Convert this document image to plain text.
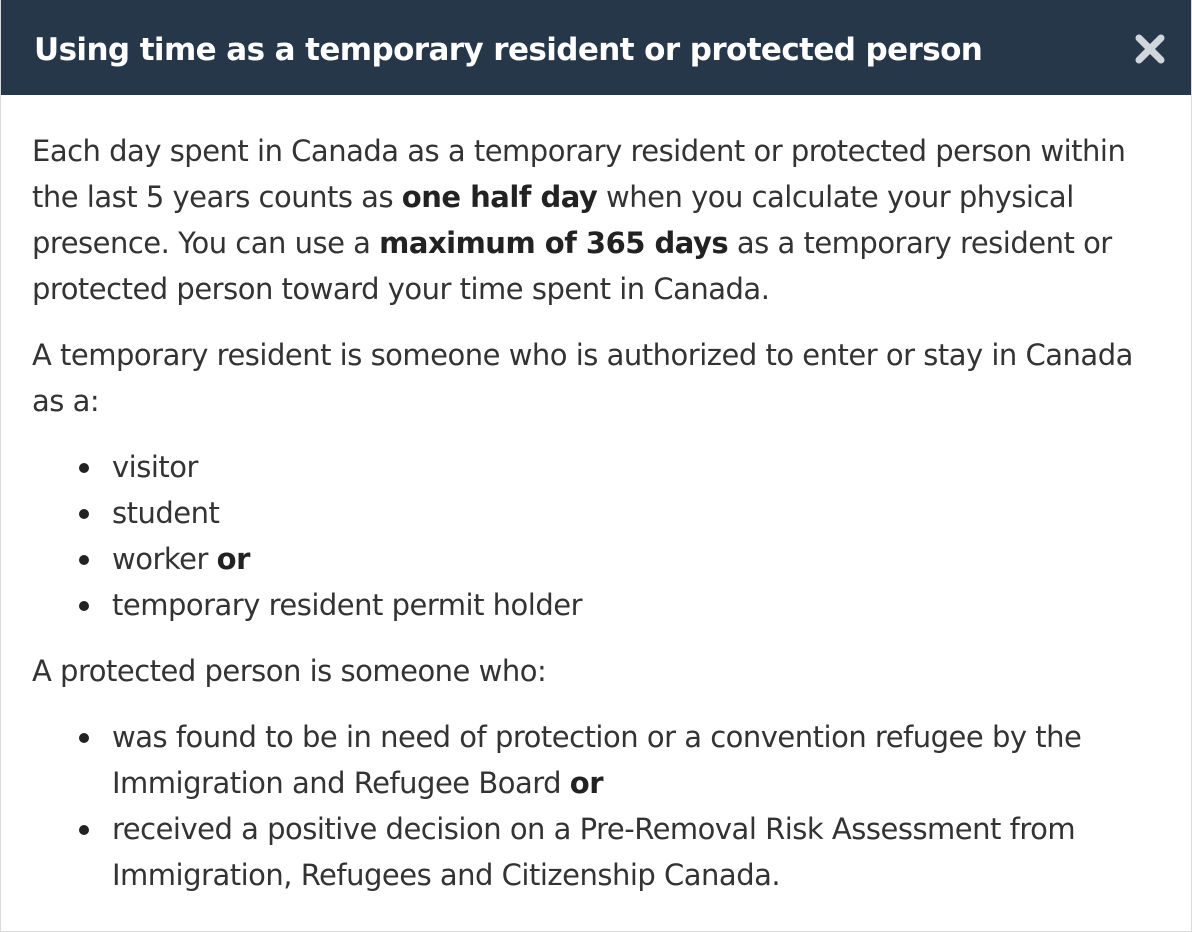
Using time as a temporary resident or protected person

Each day spent in Canada as a temporary resident or protected person within the last 5 years counts as one half day when you calculate your physical presence. You can use a maximum of 365 days as a temporary resident or protected person toward your time spent in Canada.

A temporary resident is someone who is authorized to enter or stay in Canada as a:

visitor
student
worker or
temporary resident permit holder

A protected person is someone who:

was found to be in need of protection or a convention refugee by the Immigration and Refugee Board or
received a positive decision on a Pre-Removal Risk Assessment from Immigration, Refugees and Citizenship Canada.
